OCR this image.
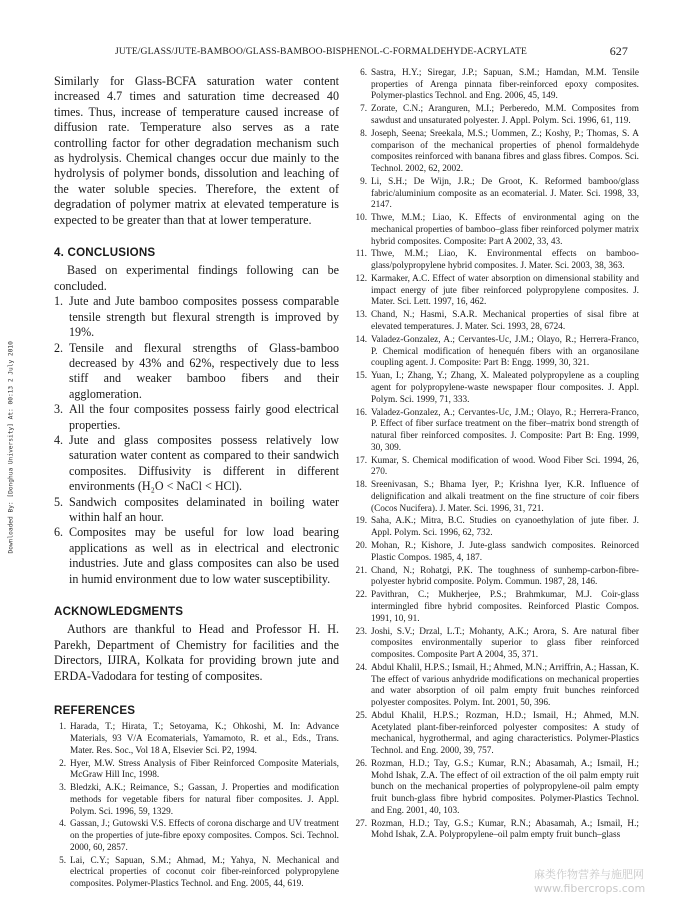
JUTE/GLASS/JUTE-BAMBOO/GLASS-BAMBOO-BISPHENOL-C-FORMALDEHYDE-ACRYLATE	627
Downloaded By: [Donghua University] At: 00:13 2 July 2010

Similarly for Glass-BCFA saturation water content increased 4.7 times and saturation time decreased 40 times. Thus, increase of temperature caused increase of diffusion rate. Temperature also serves as a rate controlling factor for other degradation mechanism such as hydrolysis. Chemical changes occur due mainly to the hydrolysis of polymer bonds, dissolution and leaching of the water soluble species. Therefore, the extent of degradation of polymer matrix at elevated temperature is expected to be greater than that at lower temperature.

4. CONCLUSIONS

Based on experimental findings following can be concluded.

1. Jute and Jute bamboo composites possess comparable tensile strength but flexural strength is improved by 19%.
2. Tensile and flexural strengths of Glass-bamboo decreased by 43% and 62%, respectively due to less stiff and weaker bamboo fibers and their agglomeration.
3. All the four composites possess fairly good electrical properties.
4. Jute and glass composites possess relatively low saturation water content as compared to their sandwich composites. Diffusivity is different in different environments (H₂O < NaCl < HCl).
5. Sandwich composites delaminated in boiling water within half an hour.
6. Composites may be useful for low load bearing applications as well as in electrical and electronic industries. Jute and glass composites can also be used in humid environment due to low water susceptibility.
ACKNOWLEDGMENTS

Authors are thankful to Head and Professor H. H. Parekh, Department of Chemistry for facilities and the Directors, IJIRA, Kolkata for providing brown jute and ERDA-Vadodara for testing of composites.

REFERENCES
1. Harada, T.; Hirata, T.; Setoyama, K.; Ohkoshi, M. In: Advance Materials, 93 V/A Ecomaterials, Yamamoto, R. et al., Eds., Trans. Mater. Res. Soc., Vol 18 A, Elsevier Sci. P2, 1994.
2. Hyer, M.W. Stress Analysis of Fiber Reinforced Composite Materials, McGraw Hill Inc, 1998.
3. Bledzki, A.K.; Reimance, S.; Gassan, J. Properties and modification methods for vegetable fibers for natural fiber composites. J. Appl. Polym. Sci. 1996, 59, 1329.
4. Gassan, J.; Gutowski V.S. Effects of corona discharge and UV treatment on the properties of jute-fibre epoxy composites. Compos. Sci. Technol. 2000, 60, 2857.
5. Lai, C.Y.; Sapuan, S.M.; Ahmad, M.; Yahya, N. Mechanical and electrical properties of coconut coir fiber-reinforced polypropylene composites. Polymer-Plastics Technol. and Eng. 2005, 44, 619.
6. Sastra, H.Y.; Siregar, J.P.; Sapuan, S.M.; Hamdan, M.M. Tensile properties of Arenga pinnata fiber-reinforced epoxy composites. Polymer-plastics Technol. and Eng. 2006, 45, 149.
7. Zorate, C.N.; Aranguren, M.I.; Perberedo, M.M. Composites from sawdust and unsaturated polyester. J. Appl. Polym. Sci. 1996, 61, 119.
8. Joseph, Seena; Sreekala, M.S.; Uommen, Z.; Koshy, P.; Thomas, S. A comparison of the mechanical properties of phenol formaldehyde composites reinforced with banana fibres and glass fibres. Compos. Sci. Technol. 2002, 62, 2002.
9. Li, S.H.; De Wijn, J.R.; De Groot, K. Reformed bamboo/glass fabric/aluminium composite as an ecomaterial. J. Mater. Sci. 1998, 33, 2147.
10. Thwe, M.M.; Liao, K. Effects of environmental aging on the mechanical properties of bamboo–glass fiber reinforced polymer matrix hybrid composites. Composite: Part A 2002, 33, 43.
11. Thwe, M.M.; Liao, K. Environmental effects on bamboo-glass/polypropylene hybrid composites. J. Mater. Sci. 2003, 38, 363.
12. Karmaker, A.C. Effect of water absorption on dimensional stability and impact energy of jute fiber reinforced polypropylene composites. J. Mater. Sci. Lett. 1997, 16, 462.
13. Chand, N.; Hasmi, S.A.R. Mechanical properties of sisal fibre at elevated temperatures. J. Mater. Sci. 1993, 28, 6724.
14. Valadez-Gonzalez, A.; Cervantes-Uc, J.M.; Olayo, R.; Herrera-Franco, P. Chemical modification of henequén fibers with an organosilane coupling agent. J. Composite: Part B: Engg. 1999, 30, 321.
15. Yuan, I.; Zhang, Y.; Zhang, X. Maleated polypropylene as a coupling agent for polypropylene-waste newspaper flour composites. J. Appl. Polym. Sci. 1999, 71, 333.
16. Valadez-Gonzalez, A.; Cervantes-Uc, J.M.; Olayo, R.; Herrera-Franco, P. Effect of fiber surface treatment on the fiber–matrix bond strength of natural fiber reinforced composites. J. Composite: Part B: Eng. 1999, 30, 309.
17. Kumar, S. Chemical modification of wood. Wood Fiber Sci. 1994, 26, 270.
18. Sreenivasan, S.; Bhama Iyer, P.; Krishna Iyer, K.R. Influence of delignification and alkali treatment on the fine structure of coir fibers (Cocos Nucifera). J. Mater. Sci. 1996, 31, 721.
19. Saha, A.K.; Mitra, B.C. Studies on cyanoethylation of jute fiber. J. Appl. Polym. Sci. 1996, 62, 732.
20. Mohan, R.; Kishore, J. Jute-glass sandwich composites. Reinorced Plastic Compos. 1985, 4, 187.
21. Chand, N.; Rohatgi, P.K. The toughness of sunhemp-carbon-fibre-polyester hybrid composite. Polym. Commun. 1987, 28, 146.
22. Pavithran, C.; Mukherjee, P.S.; Brahmkumar, M.J. Coir-glass intermingled fibre hybrid composites. Reinforced Plastic Compos. 1991, 10, 91.
23. Joshi, S.V.; Drzal, L.T.; Mohanty, A.K.; Arora, S. Are natural fiber composites environmentally superior to glass fiber reinforced composites. Composite Part A 2004, 35, 371.
24. Abdul Khalil, H.P.S.; Ismail, H.; Ahmed, M.N.; Arriffrin, A.; Hassan, K. The effect of various anhydride modifications on mechanical properties and water absorption of oil palm empty fruit bunches reinforced polyester composites. Polym. Int. 2001, 50, 396.
25. Abdul Khalil, H.P.S.; Rozman, H.D.; Ismail, H.; Ahmed, M.N. Acetylated plant-fiber-reinforced polyester composites: A study of mechanical, hygrothermal, and aging characteristics. Polymer-Plastics Technol. and Eng. 2000, 39, 757.
26. Rozman, H.D.; Tay, G.S.; Kumar, R.N.; Abasamah, A.; Ismail, H.; Mohd Ishak, Z.A. The effect of oil extraction of the oil palm empty ruit bunch on the mechanical properties of polypropylene-oil palm empty fruit bunch-glass fibre hybrid composites. Polymer-Plastics Technol. and Eng. 2001, 40, 103.
27. Rozman, H.D.; Tay, G.S.; Kumar, R.N.; Abasamah, A.; Ismail, H.; Mohd Ishak, Z.A. Polypropylene–oil palm empty fruit bunch–glass
麻类作物营养与施肥网 www.fibercrops.com
